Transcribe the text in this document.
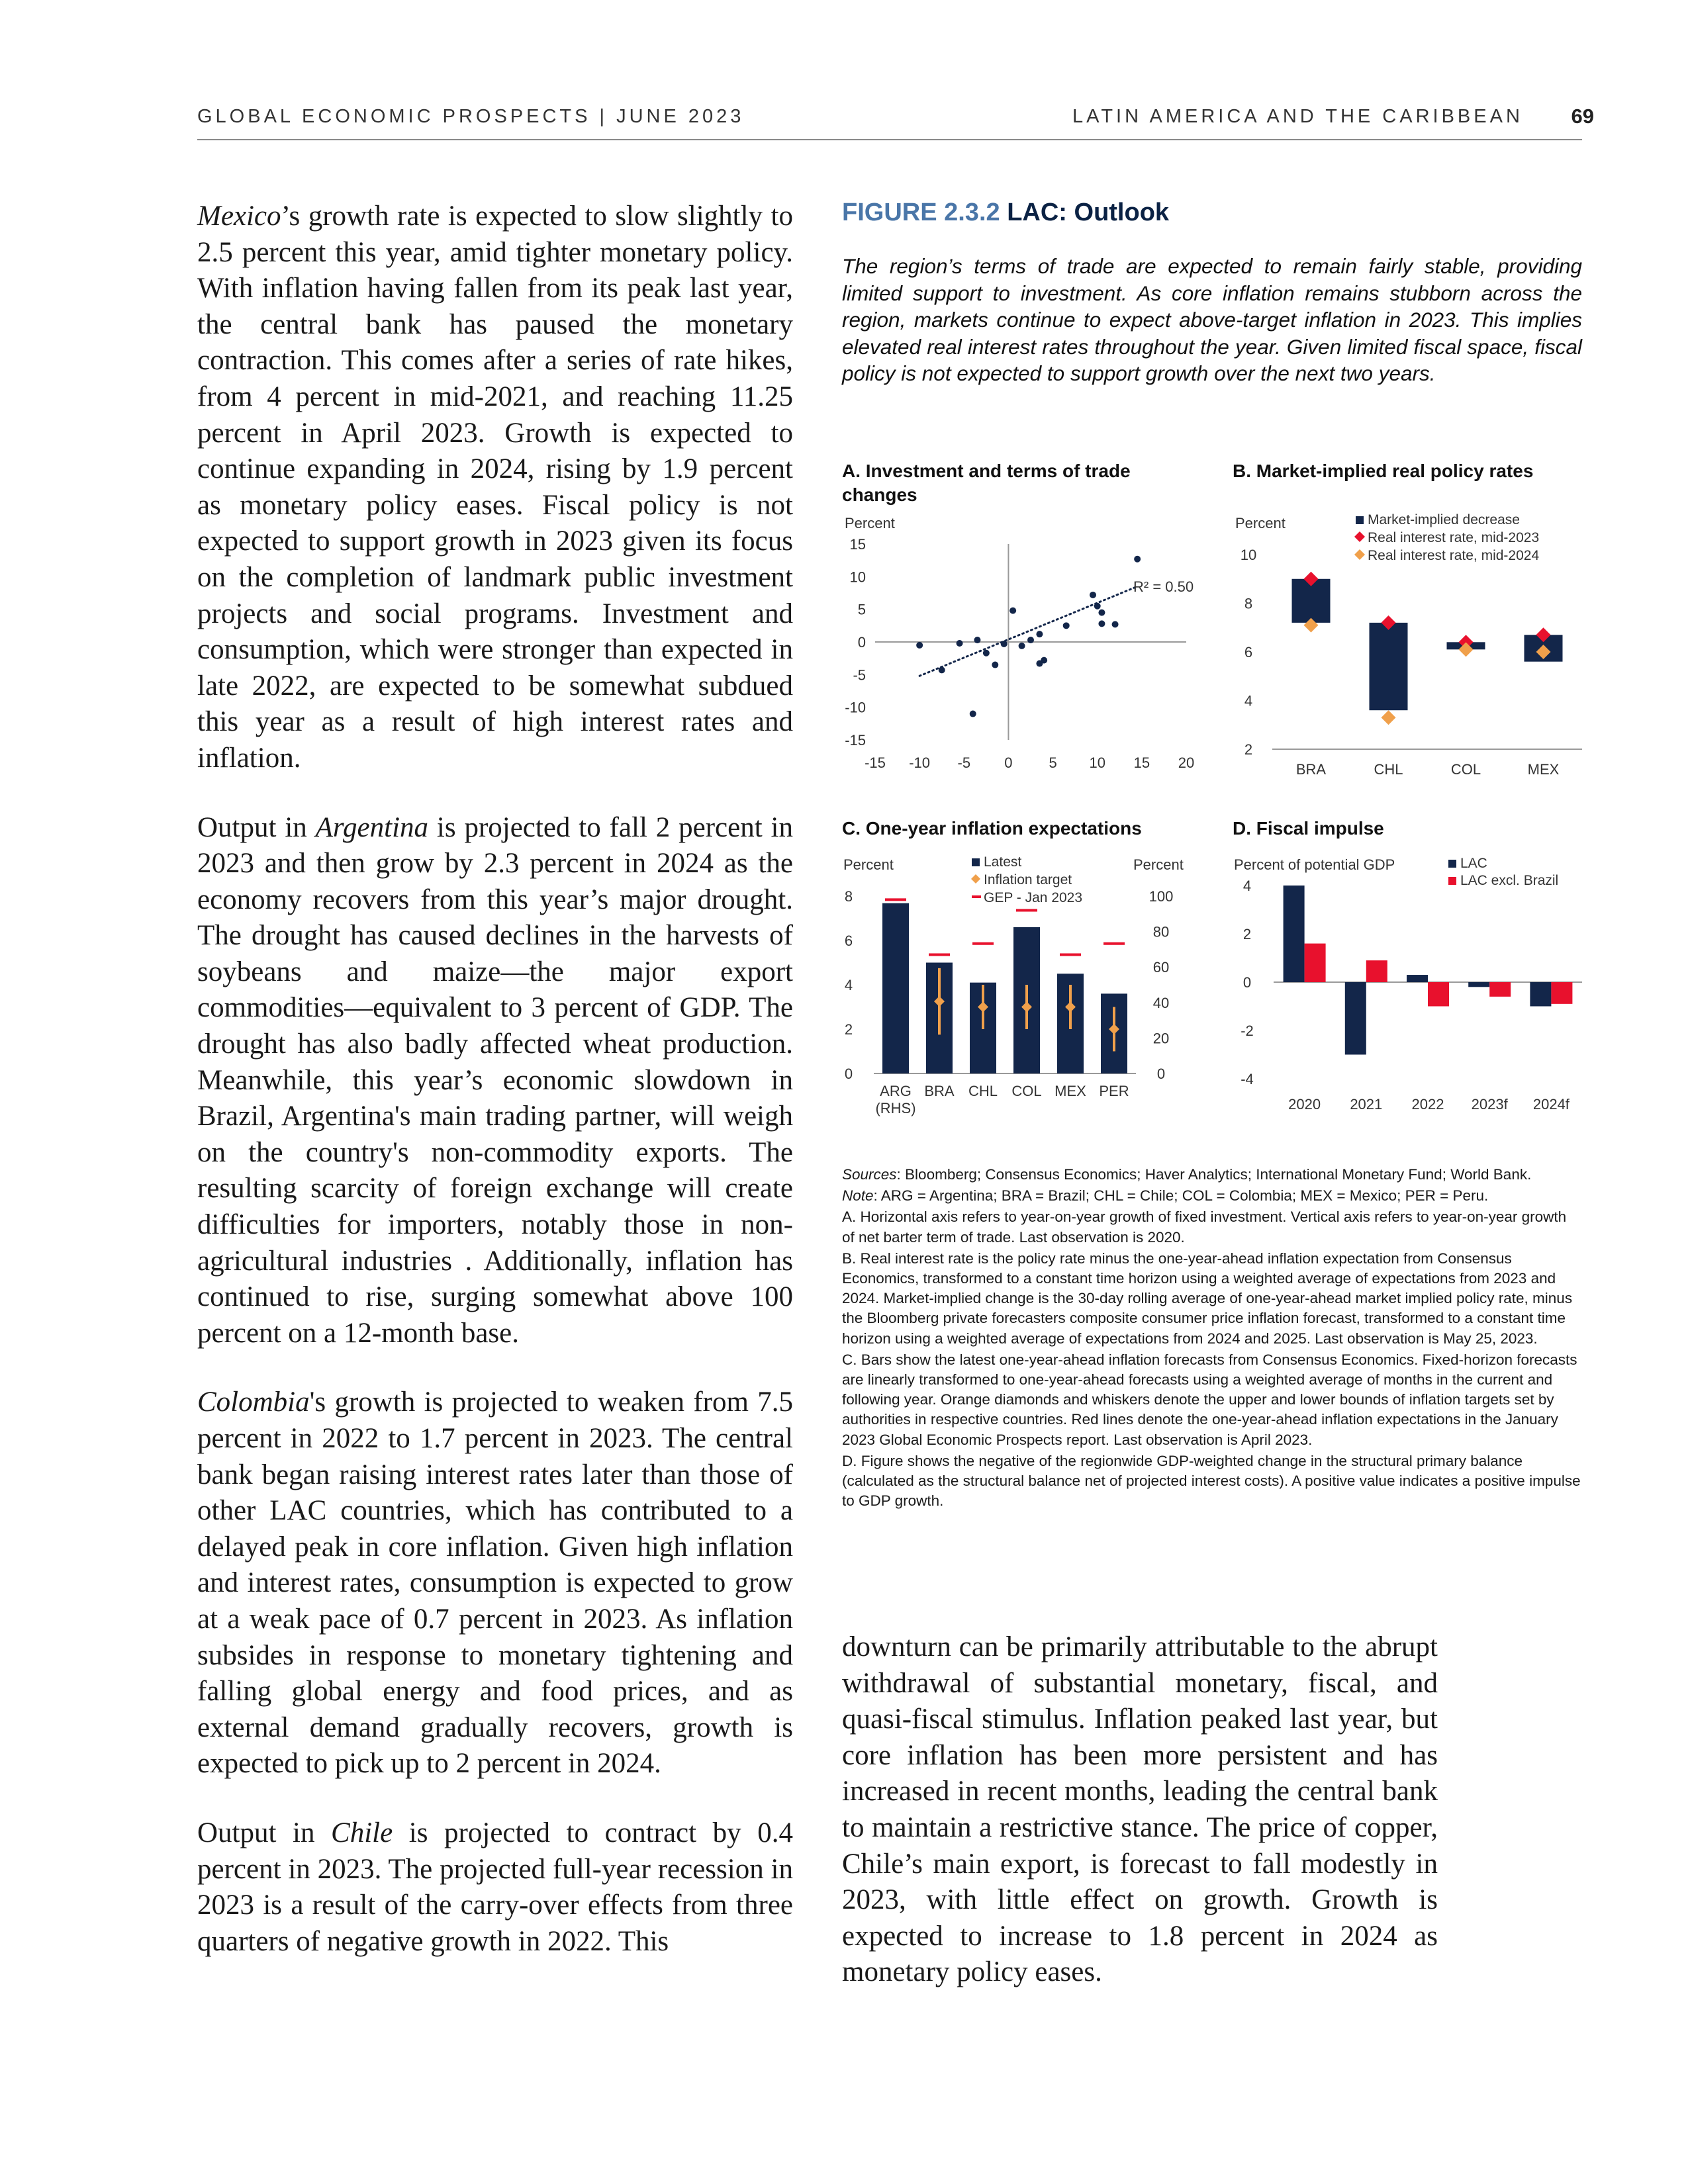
GLOBAL ECONOMIC PROSPECTS | JUNE 2023	LATIN AMERICA AND THE CARIBBEAN 69

Mexico’s growth rate is expected to slow slightly to 2.5 percent this year, amid tighter monetary policy. With inflation having fallen from its peak last year, the central bank has paused the monetary contraction. This comes after a series of rate hikes, from 4 percent in mid-2021, and reaching 11.25 percent in April 2023. Growth is expected to continue expanding in 2024, rising by 1.9 percent as monetary policy eases. Fiscal policy is not expected to support growth in 2023 given its focus on the completion of landmark public investment projects and social programs. Investment and consumption, which were stronger than expected in late 2022, are expected to be somewhat subdued this year as a result of high interest rates and inflation.

Output in Argentina is projected to fall 2 percent in 2023 and then grow by 2.3 percent in 2024 as the economy recovers from this year’s major drought. The drought has caused declines in the harvests of soybeans and maize—the major export commodities—equivalent to 3 percent of GDP. The drought has also badly affected wheat production. Meanwhile, this year’s economic slowdown in Brazil, Argentina's main trading partner, will weigh on the country's non-commodity exports. The resulting scarcity of foreign exchange will create difficulties for importers, notably those in non-agricultural industries . Additionally, inflation has continued to rise, surging somewhat above 100 percent on a 12-month base.

Colombia's growth is projected to weaken from 7.5 percent in 2022 to 1.7 percent in 2023. The central bank began raising interest rates later than those of other LAC countries, which has contributed to a delayed peak in core inflation. Given high inflation and interest rates, consumption is expected to grow at a weak pace of 0.7 percent in 2023. As inflation subsides in response to monetary tightening and falling global energy and food prices, and as external demand gradually recovers, growth is expected to pick up to 2 percent in 2024.

Output in Chile is projected to contract by 0.4 percent in 2023. The projected full-year recession in 2023 is a result of the carry-over effects from three quarters of negative growth in 2022. This

FIGURE 2.3.2 LAC: Outlook
The region’s terms of trade are expected to remain fairly stable, providing limited support to investment. As core inflation remains stubborn across the region, markets continue to expect above-target inflation in 2023. This implies elevated real interest rates throughout the year. Given limited fiscal space, fiscal policy is not expected to support growth over the next two years.
A. Investment and terms of trade changes
B. Market-implied real policy rates
C. One-year inflation expectations	D. Fiscal impulse
Percent
15
10
5
0
-5
-10
-15
-15 -10 -5 0 5 10 15 20
R² = 0.50
Percent	Market-implied decrease
Real interest rate, mid-2023
Real interest rate, mid-2024
10
8
6
4
2
BRA	CHL	COL	MEX
Percent	Percent
Latest
Inflation target
GEP - Jan 2023
8
6
4
2
0
100
80
60
40
20
0
ARG BRA CHL COL MEX PER
(RHS)
Percent of potential GDP	LAC
LAC excl. Brazil
4
2
0
-2
-4
2020 2021 2022 2023f 2024f

Sources: Bloomberg; Consensus Economics; Haver Analytics; International Monetary Fund; World Bank.

Note: ARG = Argentina; BRA = Brazil; CHL = Chile; COL = Colombia; MEX = Mexico; PER = Peru.

A. Horizontal axis refers to year-on-year growth of fixed investment. Vertical axis refers to year-on-year growth of net barter term of trade. Last observation is 2020.

B. Real interest rate is the policy rate minus the one-year-ahead inflation expectation from Consensus Economics, transformed to a constant time horizon using a weighted average of expectations from 2023 and 2024. Market-implied change is the 30-day rolling average of one-year-ahead market implied policy rate, minus the Bloomberg private forecasters composite consumer price inflation forecast, transformed to a constant time horizon using a weighted average of expectations from 2024 and 2025. Last observation is May 25, 2023.

C. Bars show the latest one-year-ahead inflation forecasts from Consensus Economics. Fixed-horizon forecasts are linearly transformed to one-year-ahead forecasts using a weighted average of months in the current and following year. Orange diamonds and whiskers denote the upper and lower bounds of inflation targets set by authorities in respective countries. Red lines denote the one-year-ahead inflation expectations in the January 2023 Global Economic Prospects report. Last observation is April 2023.

D. Figure shows the negative of the regionwide GDP-weighted change in the structural primary balance (calculated as the structural balance net of projected interest costs). A positive value indicates a positive impulse to GDP growth.

downturn can be primarily attributable to the abrupt withdrawal of substantial monetary, fiscal, and quasi-fiscal stimulus. Inflation peaked last year, but core inflation has been more persistent and has increased in recent months, leading the central bank to maintain a restrictive stance. The price of copper, Chile’s main export, is forecast to fall modestly in 2023, with little effect on growth. Growth is expected to increase to 1.8 percent in 2024 as monetary policy eases.
